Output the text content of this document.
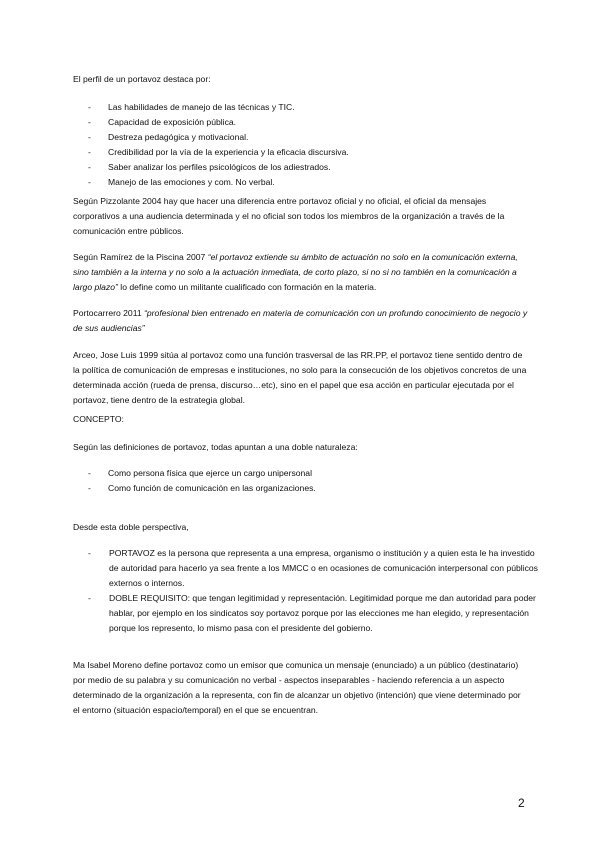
El perfil de un portavoz destaca por:

- Las habilidades de manejo de las técnicas y TIC.
- Capacidad de exposición pública.
- Destreza pedagógica y motivacional.
- Credibilidad por la vía de la experiencia y la eficacia discursiva.
- Saber analizar los perfiles psicológicos de los adiestrados.
- Manejo de las emociones y com. No verbal.

Según Pizzolante 2004 hay que hacer una diferencia entre portavoz oficial y no oficial, el oficial da mensajes corporativos a una audiencia determinada y el no oficial son todos los miembros de la organización a través de la comunicación entre públicos.

Según Ramírez de la Piscina 2007 “el portavoz extiende su ámbito de actuación no solo en la comunicación externa, sino también a la interna y no solo a la actuación inmediata, de corto plazo, si no si no también en la comunicación a largo plazo” lo define como un militante cualificado con formación en la materia.

Portocarrero 2011 “profesional bien entrenado en materia de comunicación con un profundo conocimiento de negocio y de sus audiencias”

Arceo, Jose Luis 1999 sitúa al portavoz como una función trasversal de las RR.PP, el portavoz tiene sentido dentro de la política de comunicación de empresas e instituciones, no solo para la consecución de los objetivos concretos de una determinada acción (rueda de prensa, discurso…etc), sino en el papel que esa acción en particular ejecutada por el portavoz, tiene dentro de la estrategia global.

CONCEPTO:

Según las definiciones de portavoz, todas apuntan a una doble naturaleza:

- Como persona física que ejerce un cargo unipersonal
- Como función de comunicación en las organizaciones.

Desde esta doble perspectiva,

- PORTAVOZ es la persona que representa a una empresa, organismo o institución y a quien esta le ha investido de autoridad para hacerlo ya sea frente a los MMCC o en ocasiones de comunicación interpersonal con públicos externos o internos.
- DOBLE REQUISITO: que tengan legitimidad y representación. Legitimidad porque me dan autoridad para poder hablar, por ejemplo en los sindicatos soy portavoz porque por las elecciones me han elegido, y representación porque los represento, lo mismo pasa con el presidente del gobierno.

Ma Isabel Moreno define portavoz como un emisor que comunica un mensaje (enunciado) a un público (destinatario) por medio de su palabra y su comunicación no verbal - aspectos inseparables - haciendo referencia a un aspecto determinado de la organización a la representa, con fin de alcanzar un objetivo (intención) que viene determinado por el entorno (situación espacio/temporal) en el que se encuentran.

2
